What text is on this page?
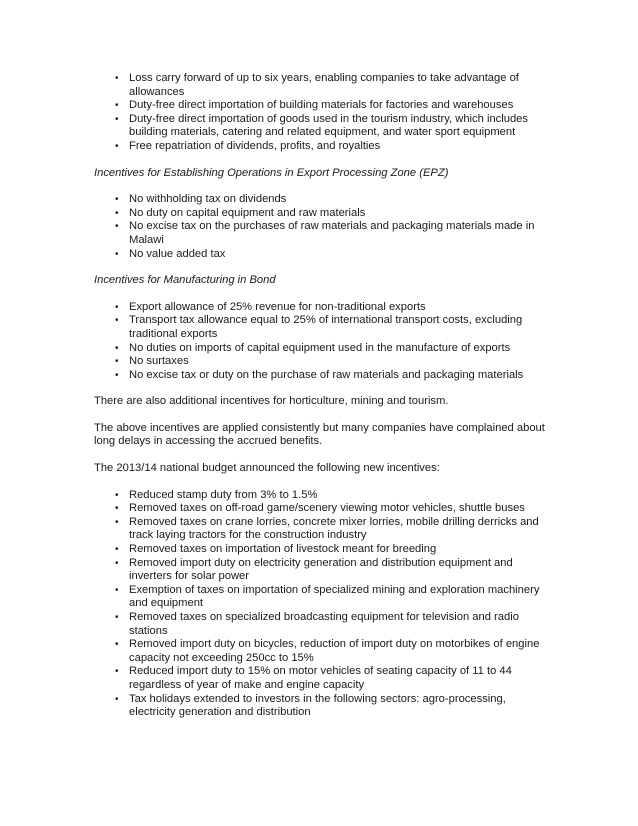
• Loss carry forward of up to six years, enabling companies to take advantage of allowances
• Duty-free direct importation of building materials for factories and warehouses
• Duty-free direct importation of goods used in the tourism industry, which includes building materials, catering and related equipment, and water sport equipment
• Free repatriation of dividends, profits, and royalties
Incentives for Establishing Operations in Export Processing Zone (EPZ)
• No withholding tax on dividends
• No duty on capital equipment and raw materials
• No excise tax on the purchases of raw materials and packaging materials made in Malawi
• No value added tax
Incentives for Manufacturing in Bond
• Export allowance of 25% revenue for non-traditional exports
• Transport tax allowance equal to 25% of international transport costs, excluding traditional exports
• No duties on imports of capital equipment used in the manufacture of exports
• No surtaxes
• No excise tax or duty on the purchase of raw materials and packaging materials
There are also additional incentives for horticulture, mining and tourism.
The above incentives are applied consistently but many companies have complained about long delays in accessing the accrued benefits.
The 2013/14 national budget announced the following new incentives:
• Reduced stamp duty from 3% to 1.5%
• Removed taxes on off-road game/scenery viewing motor vehicles, shuttle buses
• Removed taxes on crane lorries, concrete mixer lorries, mobile drilling derricks and track laying tractors for the construction industry
• Removed taxes on importation of livestock meant for breeding
• Removed import duty on electricity generation and distribution equipment and inverters for solar power
• Exemption of taxes on importation of specialized mining and exploration machinery and equipment
• Removed taxes on specialized broadcasting equipment for television and radio stations
• Removed import duty on bicycles, reduction of import duty on motorbikes of engine capacity not exceeding 250cc to 15%
• Reduced import duty to 15% on motor vehicles of seating capacity of 11 to 44 regardless of year of make and engine capacity
• Tax holidays extended to investors in the following sectors: agro-processing, electricity generation and distribution
